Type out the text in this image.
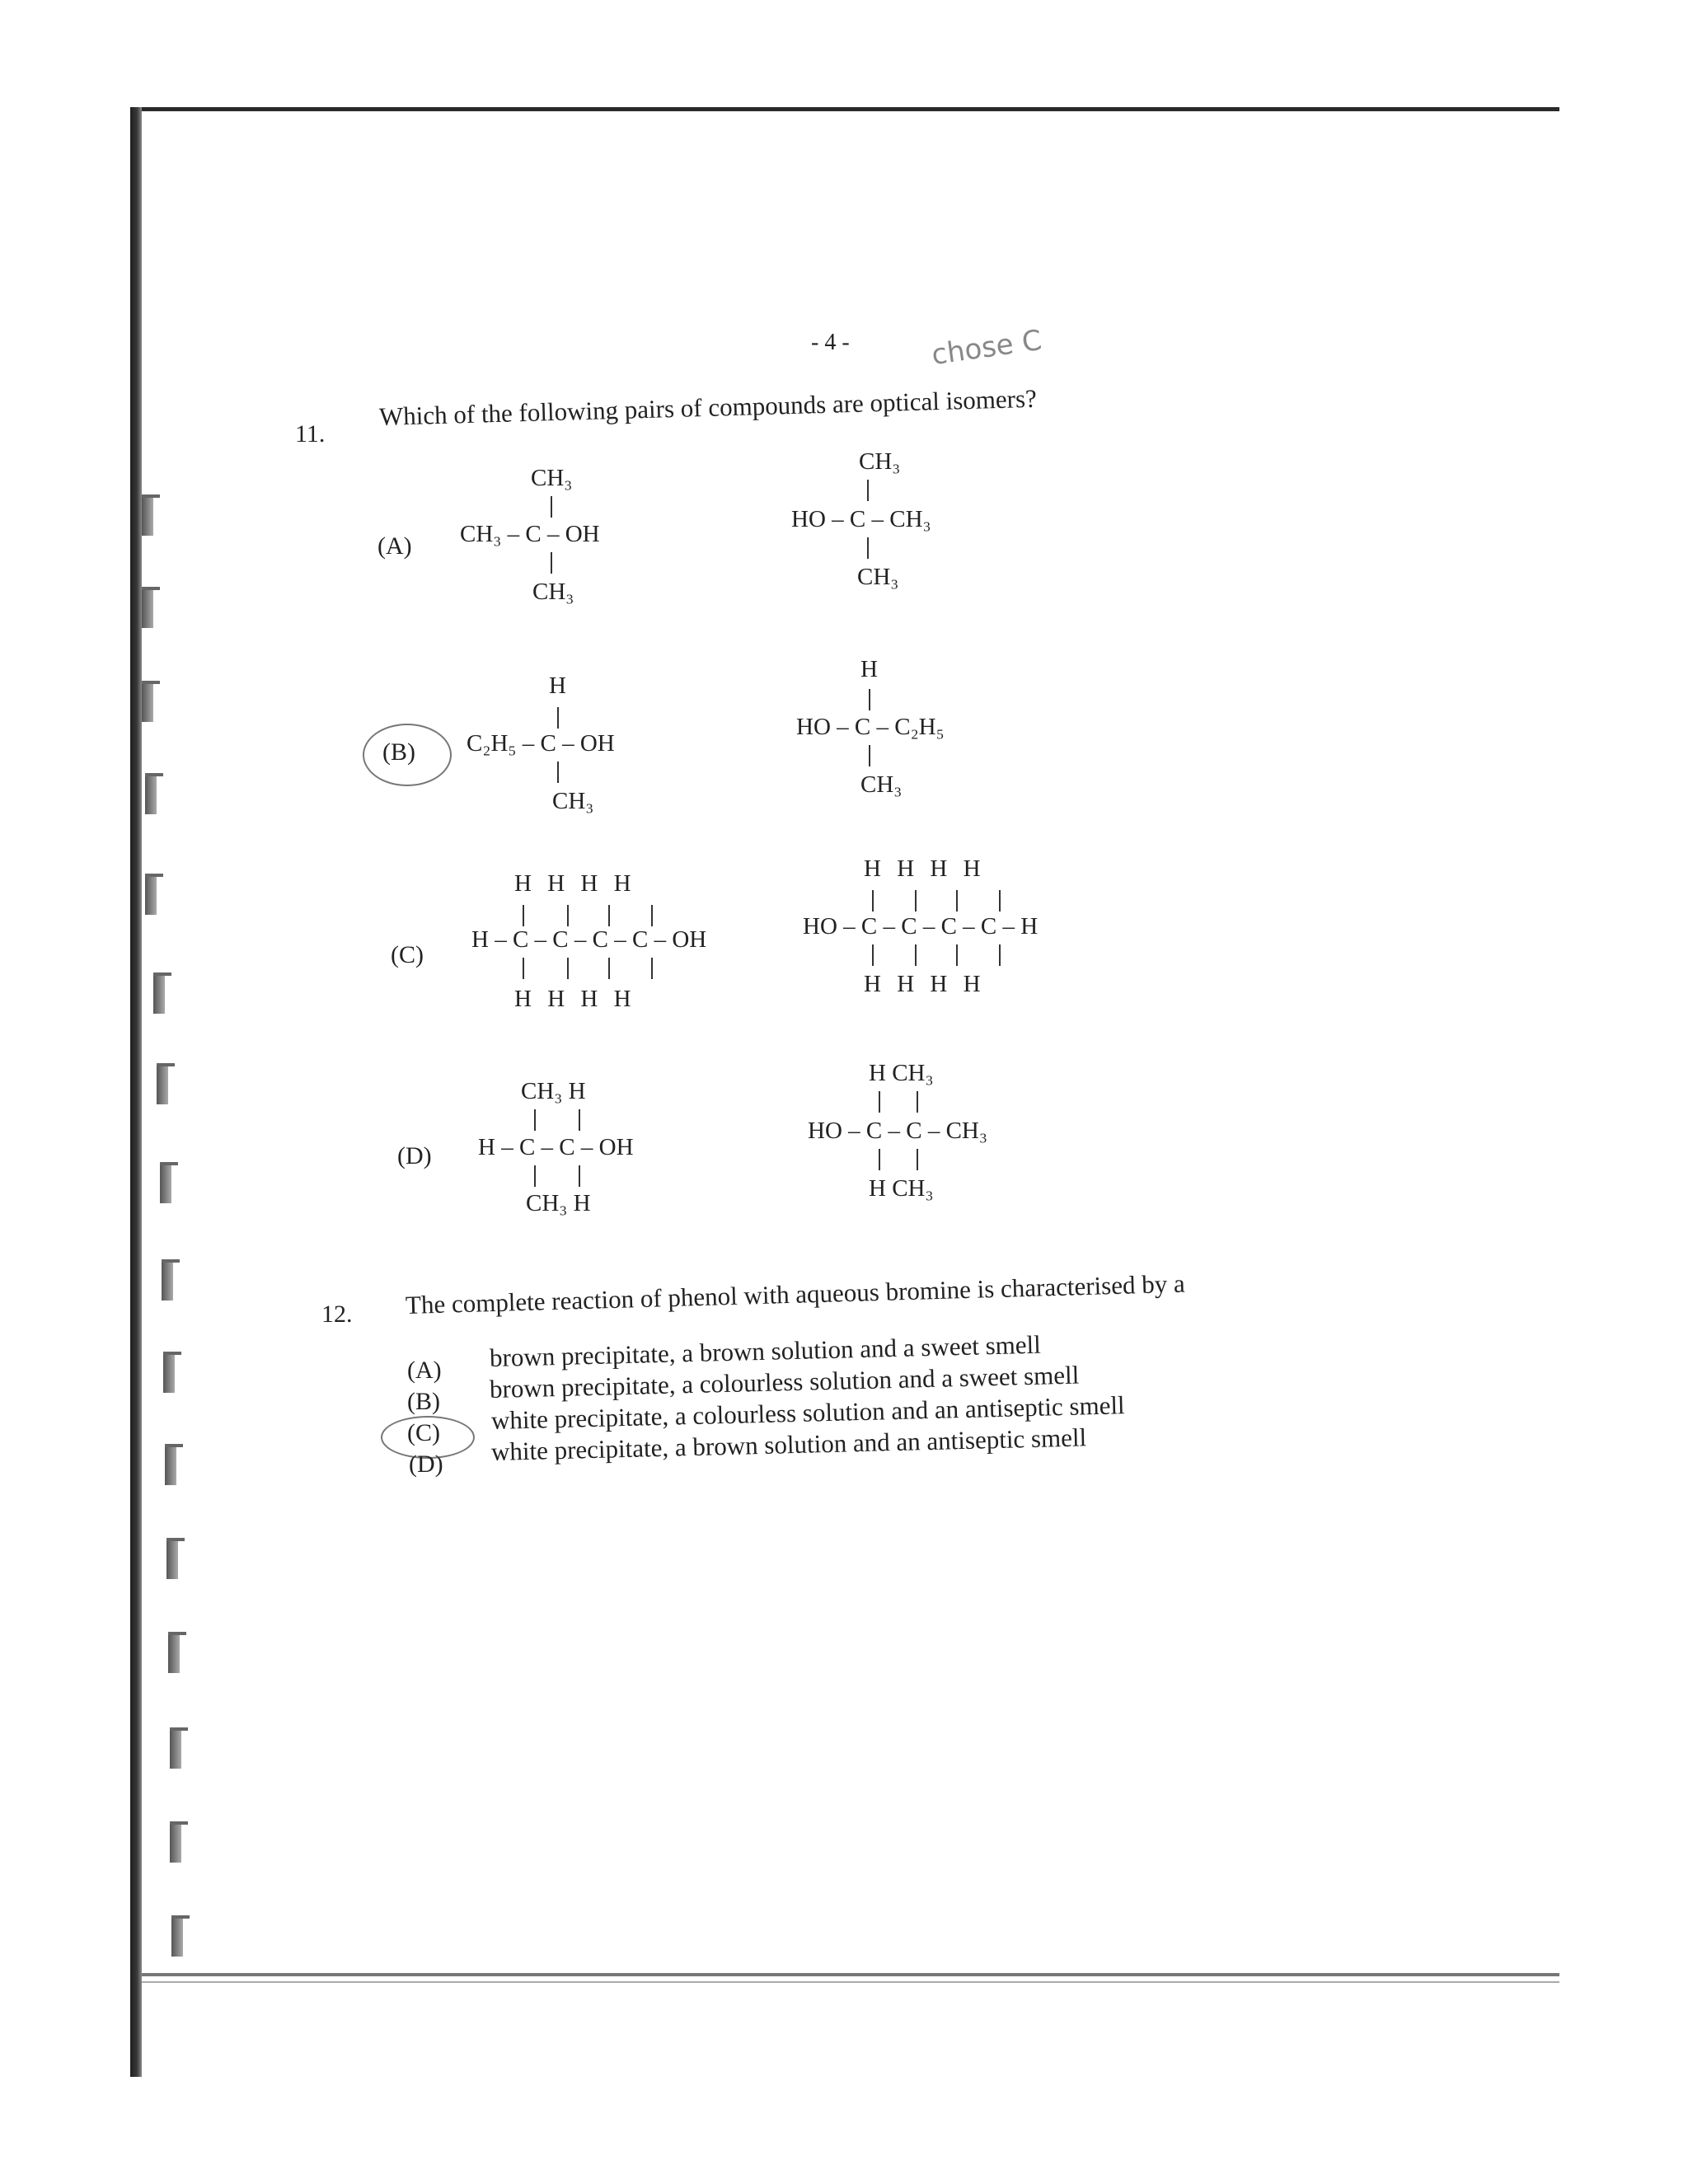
- 4 -	chose C
11.
Which of the following pairs of compounds are optical isomers?
(A)
CH₃
CH₃ – C – OH
CH₃
CH₃
HO – C – CH₃
CH₃
(B)
H
C₂H₅ – C – OH
CH₃
H
HO – C – C₂H₅
CH₃
(C)
H H H H
H – C – C – C – C – OH
H H H H
H H H H
HO – C – C – C – C – H
H H H H
(D)
CH₃ H
H – C – C – OH
CH₃ H
H CH₃
HO – C – C – CH₃
H CH₃
12. The complete reaction of phenol with aqueous bromine is characterised by a
(A)
(B)
(C)
(D)
brown precipitate, a brown solution and a sweet smell
brown precipitate, a colourless solution and a sweet smell
white precipitate, a colourless solution and an antiseptic smell
white precipitate, a brown solution and an antiseptic smell
